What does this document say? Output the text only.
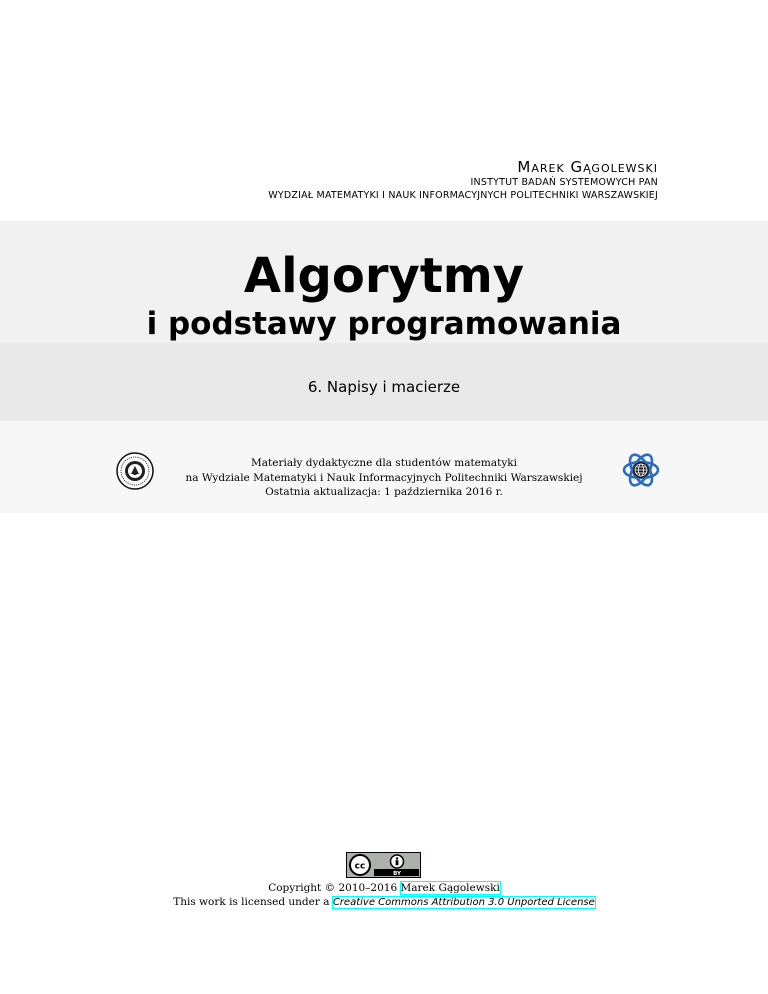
Marek Gągolewski
INSTYTUT BADAŃ SYSTEMOWYCH PAN
WYDZIAŁ MATEMATYKI I NAUK INFORMACYJNYCH POLITECHNIKI WARSZAWSKIEJ
Algorytmy
i podstawy programowania
6. Napisy i macierze
Materiały dydaktyczne dla studentów matematyki
na Wydziale Matematyki i Nauk Informacyjnych Politechniki Warszawskiej
Ostatnia aktualizacja: 1 października 2016 r.
cc
BY
Copyright © 2010–2016 Marek Gągolewski
This work is licensed under a Creative Commons Attribution 3.0 Unported License
